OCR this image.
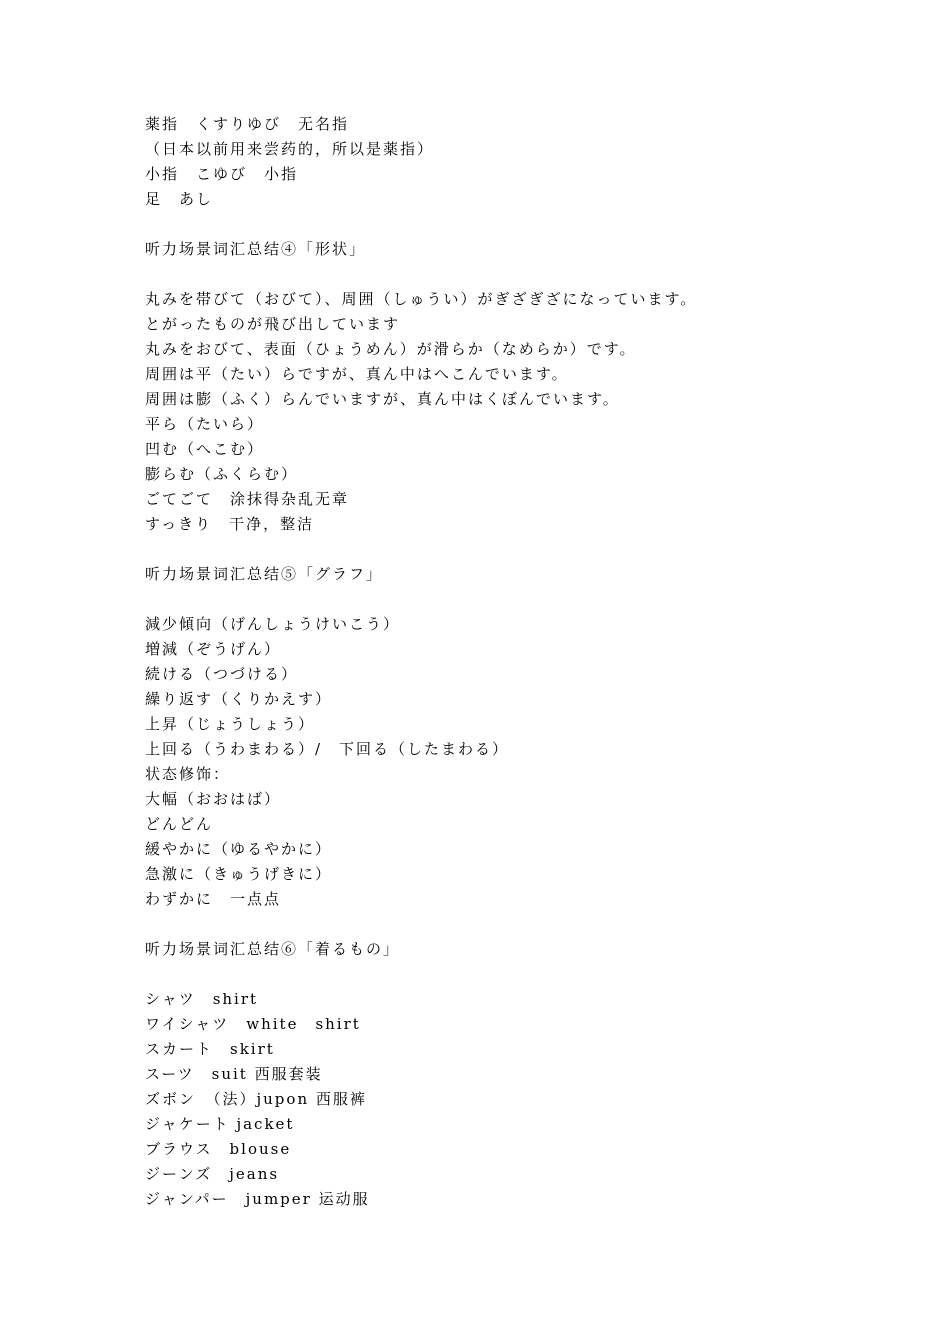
薬指　くすりゆび　无名指
（日本以前用来尝药的，所以是薬指）
小指　こゆび　小指
足　あし
听力场景词汇总结④「形状」
丸みを帯びて（おびて）、周囲（しゅうい）がぎざぎざになっています。
とがったものが飛び出しています
丸みをおびて、表面（ひょうめん）が滑らか（なめらか）です。
周囲は平（たい）らですが、真ん中はへこんでいます。
周囲は膨（ふく）らんでいますが、真ん中はくぼんでいます。
平ら（たいら）
凹む（へこむ）
膨らむ（ふくらむ）
ごてごて　涂抹得杂乱无章
すっきり　干净，整洁
听力场景词汇总结⑤「グラフ」
減少傾向（げんしょうけいこう）
増減（ぞうげん）
続ける（つづける）
繰り返す（くりかえす）
上昇（じょうしょう）
上回る（うわまわる）/　下回る（したまわる）
状态修饰：
大幅（おおはば）
どんどん
緩やかに（ゆるやかに）
急激に（きゅうげきに）
わずかに　一点点
听力场景词汇总结⑥「着るもの」
シャツ　shirt
ワイシャツ　white　shirt
スカート　skirt
スーツ　suit 西服套装
ズボン　（法）jupon 西服裤
ジャケート jacket
ブラウス　blouse
ジーンズ　jeans
ジャンパー　jumper 运动服
